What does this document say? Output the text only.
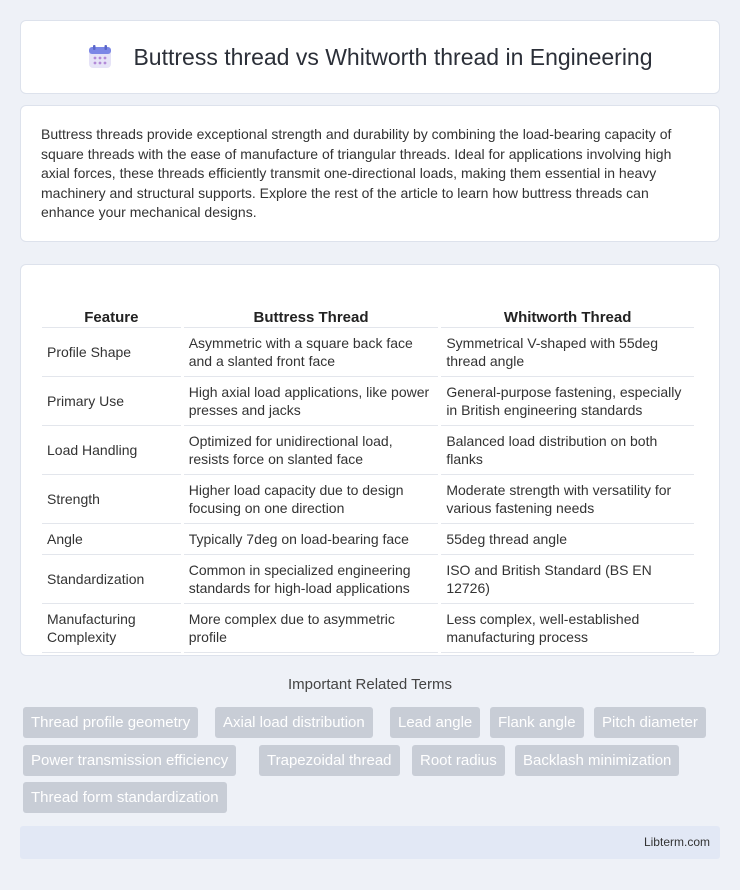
Buttress thread vs Whitworth thread in Engineering

Buttress threads provide exceptional strength and durability by combining the load-bearing capacity of square threads with the ease of manufacture of triangular threads. Ideal for applications involving high axial forces, these threads efficiently transmit one-directional loads, making them essential in heavy machinery and structural supports. Explore the rest of the article to learn how buttress threads can enhance your mechanical designs.

Feature	Buttress Thread	Whitworth Thread
Profile Shape	Asymmetric with a square back face and a slanted front face	Symmetrical V-shaped with 55deg thread angle
Primary Use	High axial load applications, like power presses and jacks	General-purpose fastening, especially in British engineering standards
Load Handling	Optimized for unidirectional load, resists force on slanted face	Balanced load distribution on both flanks
Strength	Higher load capacity due to design focusing on one direction	Moderate strength with versatility for various fastening needs
Angle	Typically 7deg on load-bearing face	55deg thread angle
Standardization	Common in specialized engineering standards for high-load applications	ISO and British Standard (BS EN 12726)
Manufacturing Complexity	More complex due to asymmetric profile	Less complex, well-established manufacturing process
Important Related Terms
Thread profile geometry	Axial load distribution	Lead angle	Flank angle	Pitch diameter
Power transmission efficiency	Trapezoidal thread	Root radius	Backlash minimization
Thread form standardization
Libterm.com
